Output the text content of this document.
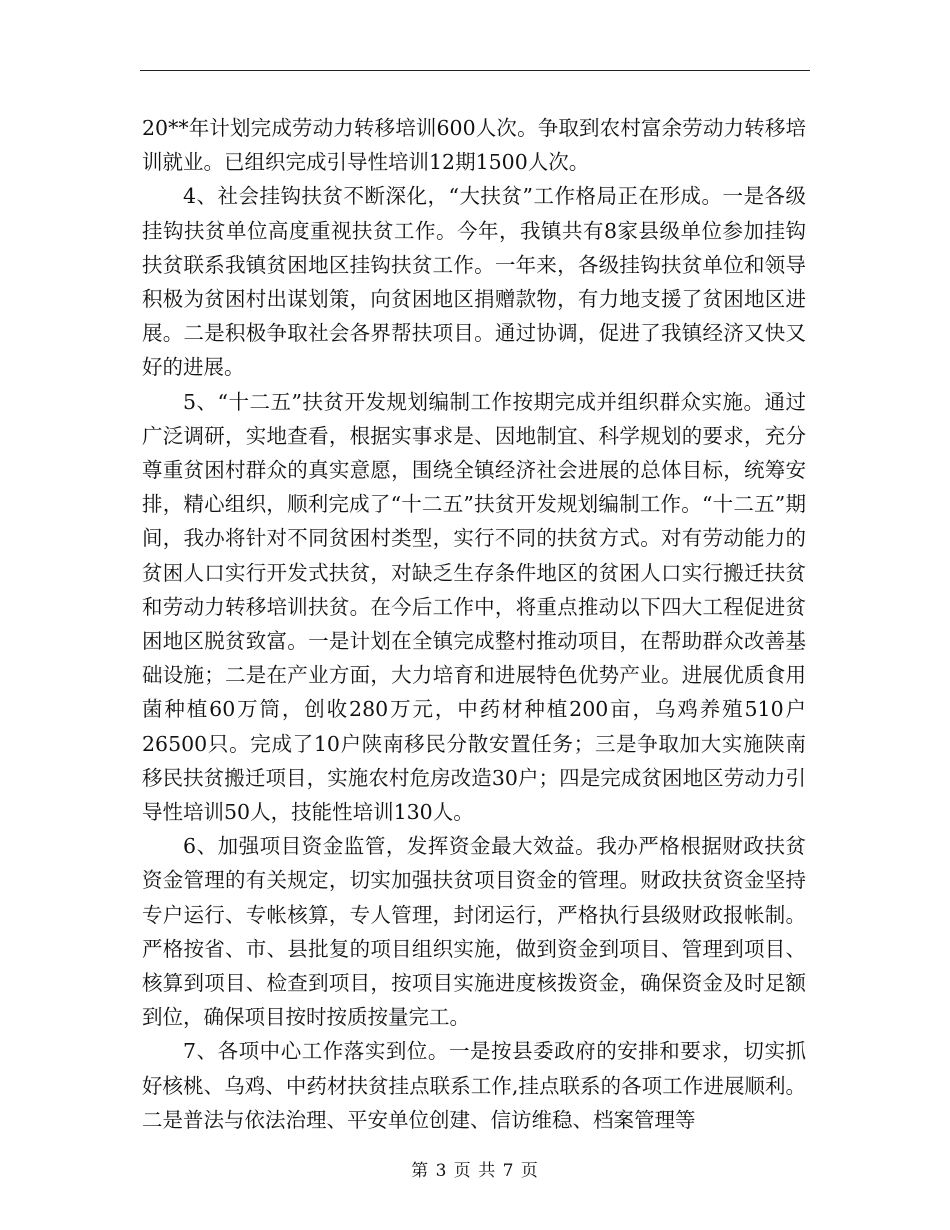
20**年计划完成劳动力转移培训600人次。争取到农村富余劳动力转移培训就业。已组织完成引导性培训12期1500人次。

4、社会挂钩扶贫不断深化，“大扶贫”工作格局正在形成。一是各级挂钩扶贫单位高度重视扶贫工作。今年，我镇共有8家县级单位参加挂钩扶贫联系我镇贫困地区挂钩扶贫工作。一年来，各级挂钩扶贫单位和领导积极为贫困村出谋划策，向贫困地区捐赠款物，有力地支援了贫困地区进展。二是积极争取社会各界帮扶项目。通过协调，促进了我镇经济又快又好的进展。

5、“十二五”扶贫开发规划编制工作按期完成并组织群众实施。通过广泛调研，实地查看，根据实事求是、因地制宜、科学规划的要求，充分尊重贫困村群众的真实意愿，围绕全镇经济社会进展的总体目标，统筹安排，精心组织，顺利完成了“十二五”扶贫开发规划编制工作。“十二五”期间，我办将针对不同贫困村类型，实行不同的扶贫方式。对有劳动能力的贫困人口实行开发式扶贫，对缺乏生存条件地区的贫困人口实行搬迁扶贫和劳动力转移培训扶贫。在今后工作中，将重点推动以下四大工程促进贫困地区脱贫致富。一是计划在全镇完成整村推动项目，在帮助群众改善基础设施；二是在产业方面，大力培育和进展特色优势产业。进展优质食用菌种植60万筒，创收280万元，中药材种植200亩，乌鸡养殖510户26500只。完成了10户陕南移民分散安置任务；三是争取加大实施陕南移民扶贫搬迁项目，实施农村危房改造30户；四是完成贫困地区劳动力引导性培训50人，技能性培训130人。

6、加强项目资金监管，发挥资金最大效益。我办严格根据财政扶贫资金管理的有关规定，切实加强扶贫项目资金的管理。财政扶贫资金坚持专户运行、专帐核算，专人管理，封闭运行，严格执行县级财政报帐制。严格按省、市、县批复的项目组织实施，做到资金到项目、管理到项目、核算到项目、检查到项目，按项目实施进度核拨资金，确保资金及时足额到位，确保项目按时按质按量完工。

7、各项中心工作落实到位。一是按县委政府的安排和要求，切实抓好核桃、乌鸡、中药材扶贫挂点联系工作,挂点联系的各项工作进展顺利。二是普法与依法治理、平安单位创建、信访维稳、档案管理等

第 3 页 共 7 页
